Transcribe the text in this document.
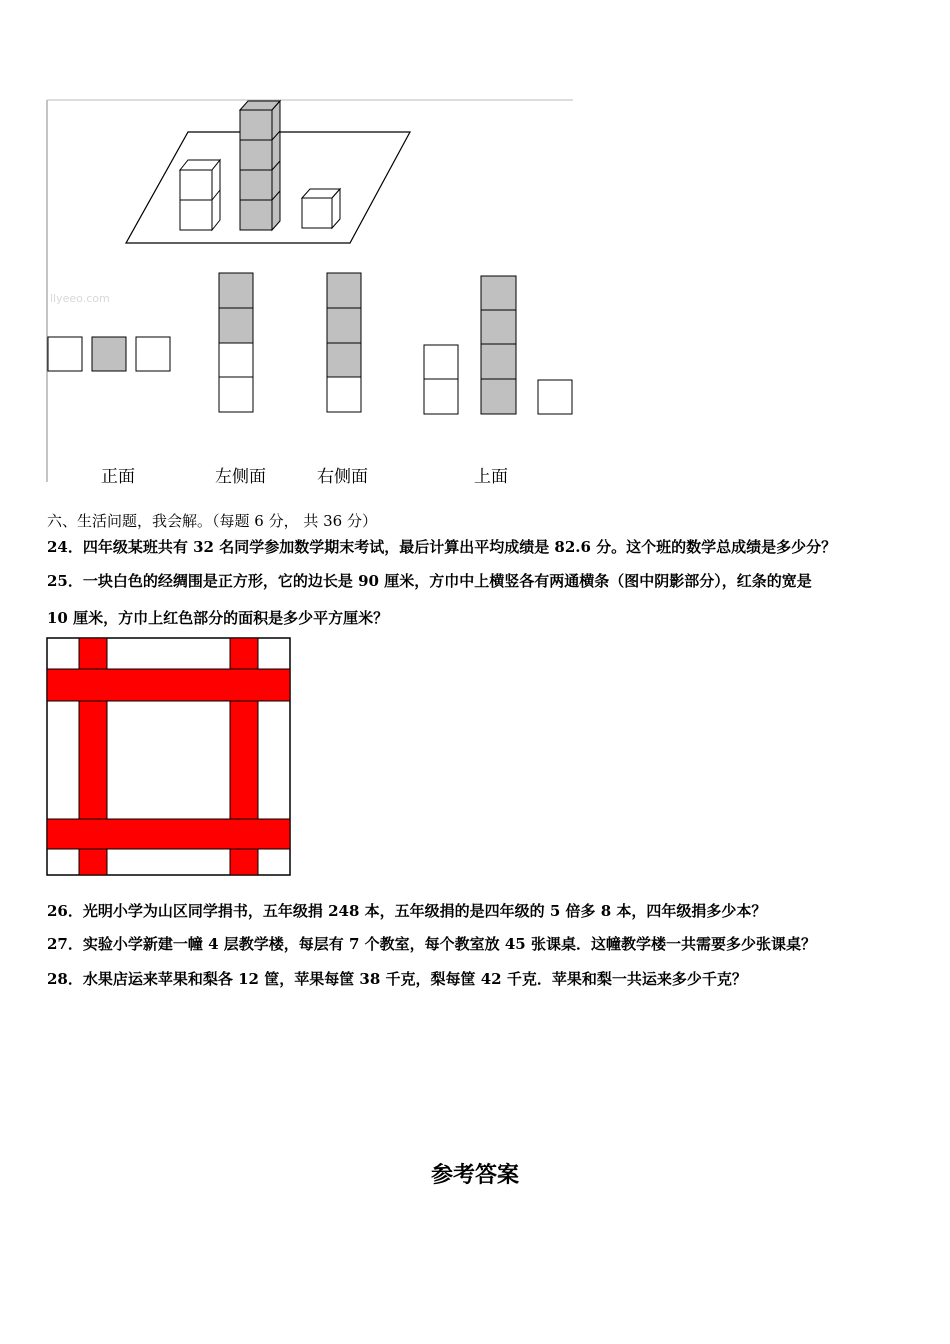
llyeeo.com
正面	左侧面	右侧面	上面
六、生活问题，我会解。（每题 6 分， 共 36 分）
24．四年级某班共有 32 名同学参加数学期末考试，最后计算出平均成绩是 82.6 分。这个班的数学总成绩是多少分？
25．一块白色的经绸围是正方形，它的边长是 90 厘米，方巾中上横竖各有两通横条（图中阴影部分），红条的宽是
10 厘米，方巾上红色部分的面积是多少平方厘米？
26．光明小学为山区同学捐书，五年级捐 248 本，五年级捐的是四年级的 5 倍多 8 本，四年级捐多少本？
27．实验小学新建一幢 4 层教学楼，每层有 7 个教室，每个教室放 45 张课桌．这幢教学楼一共需要多少张课桌？
28．水果店运来苹果和梨各 12 筐，苹果每筐 38 千克，梨每筐 42 千克．苹果和梨一共运来多少千克？
参考答案
